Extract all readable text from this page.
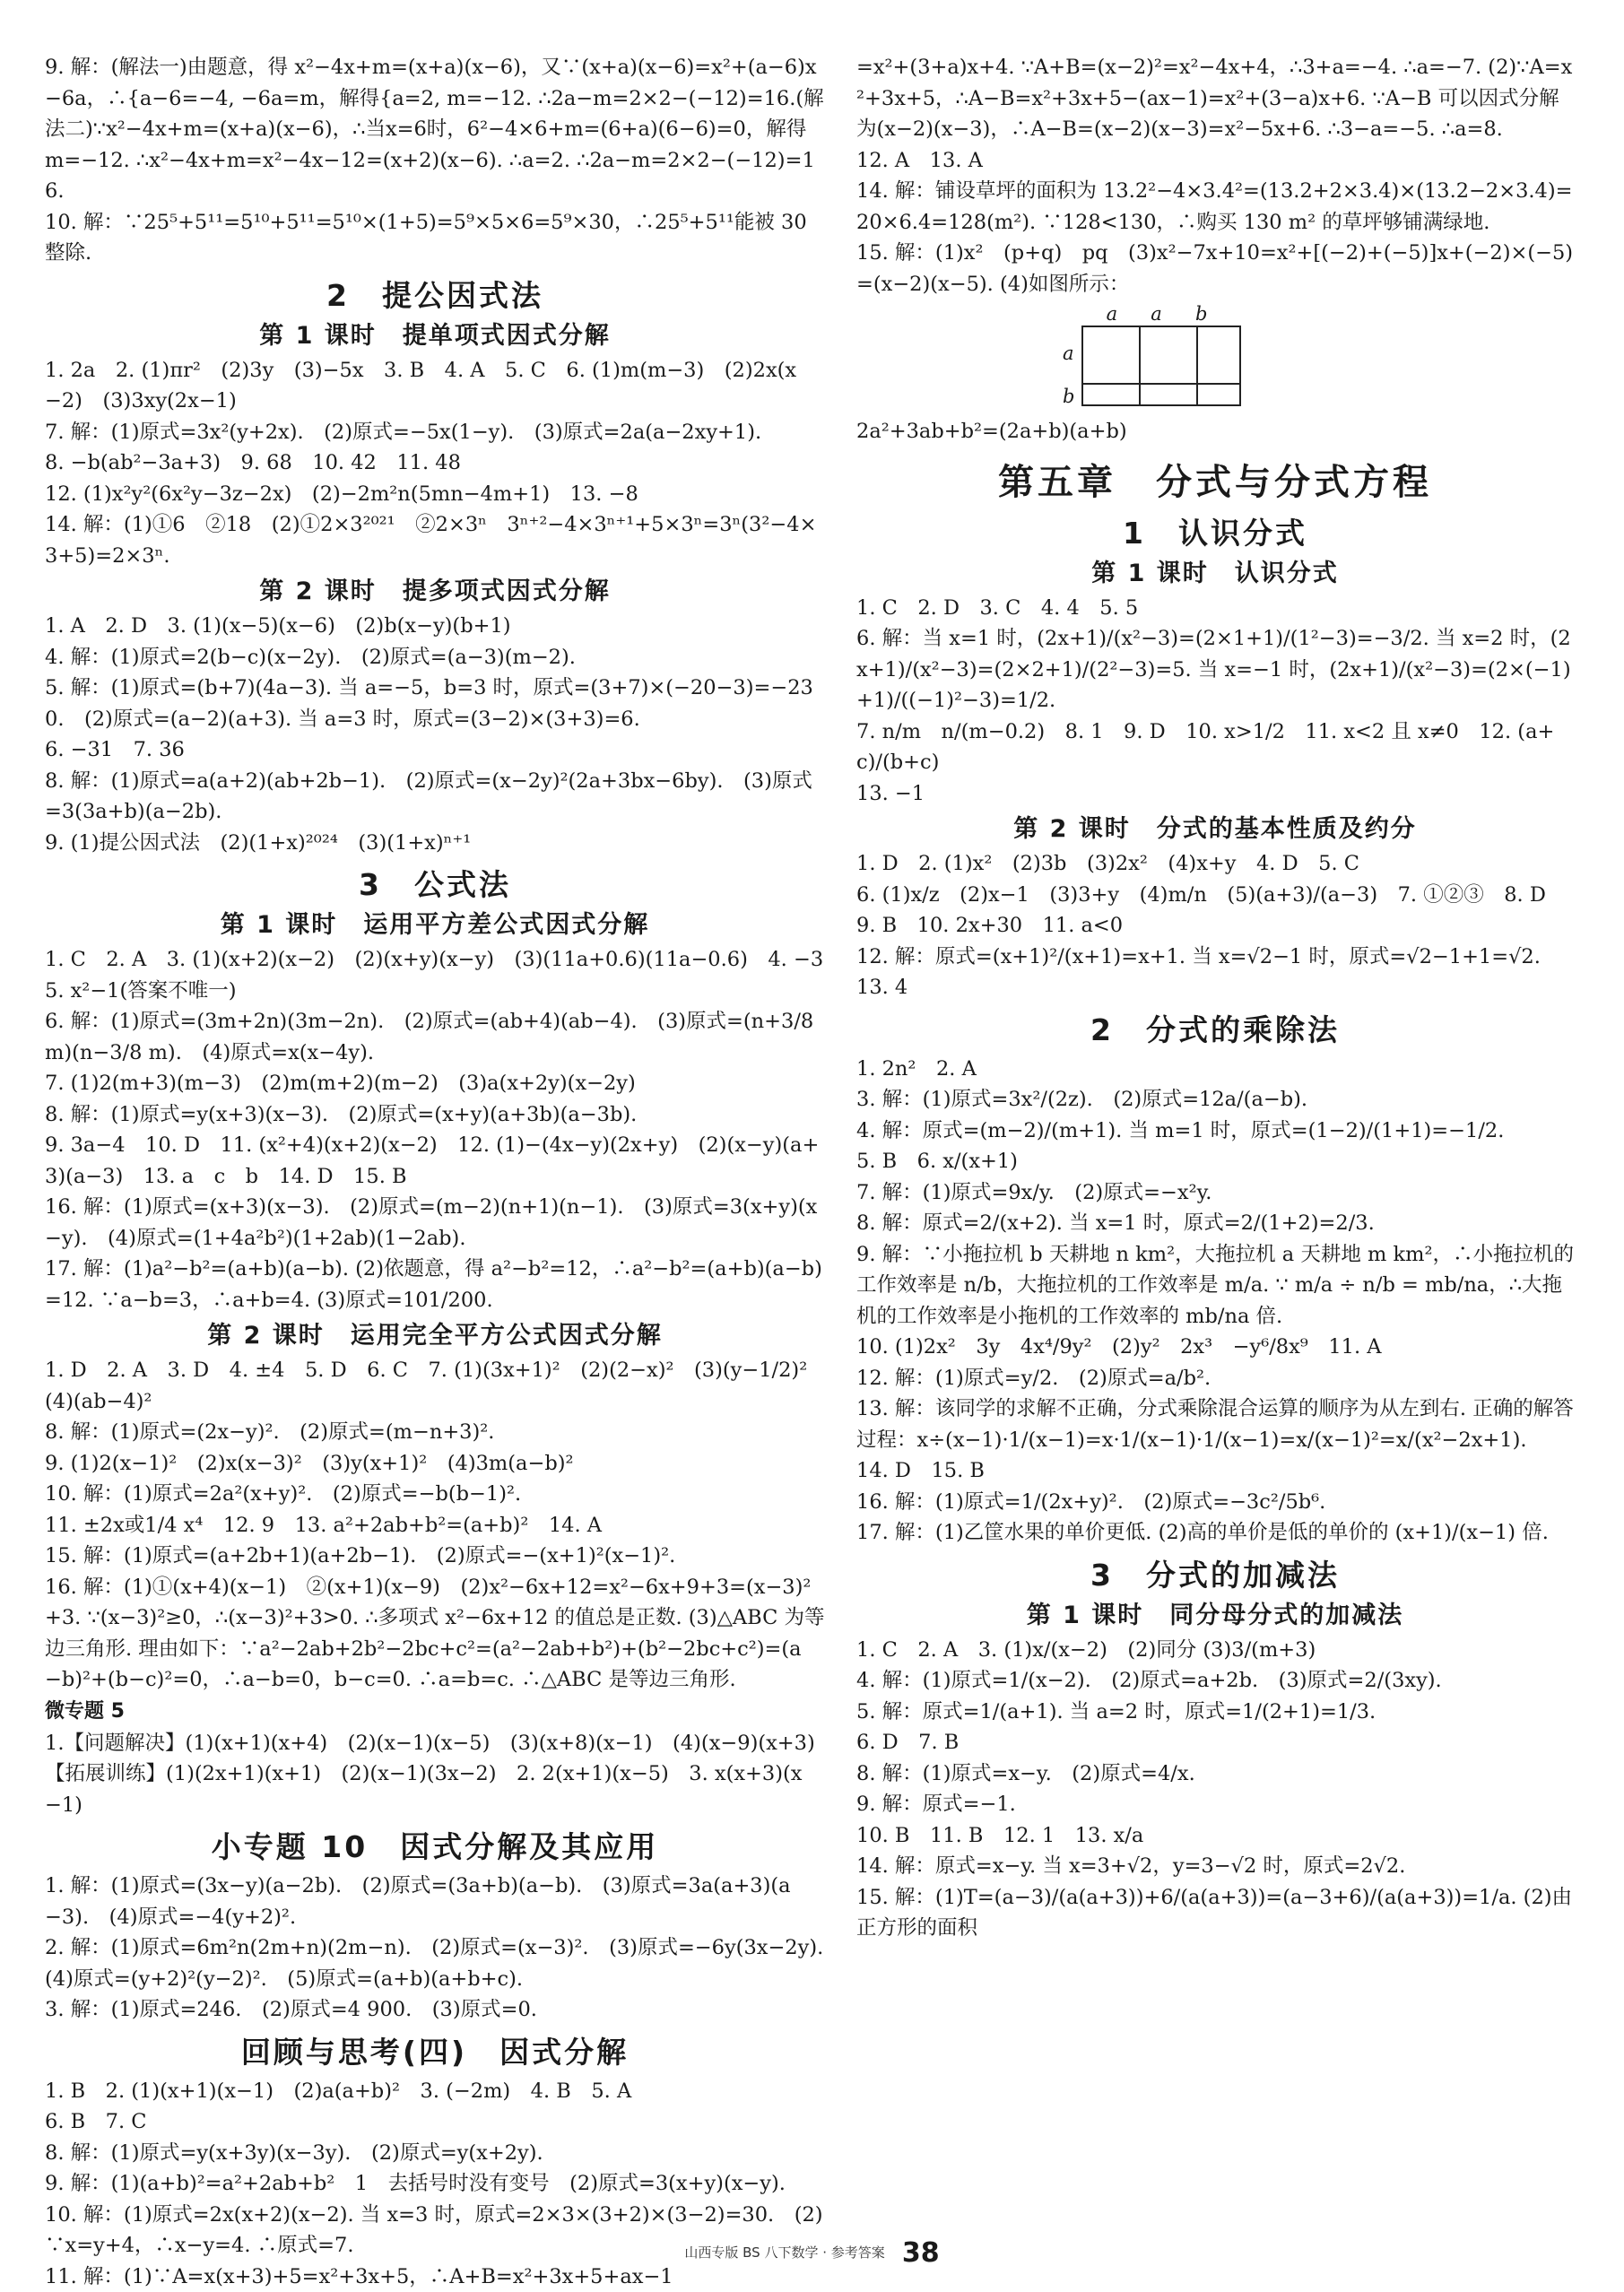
9. 解：(解法一)由题意，得 x²−4x+m=(x+a)(x−6)，又∵(x+a)(x−6)=x²+(a−6)x−6a，∴{a−6=−4, −6a=m，解得{a=2, m=−12. ∴2a−m=2×2−(−12)=16.(解法二)∵x²−4x+m=(x+a)(x−6)，∴当x=6时，6²−4×6+m=(6+a)(6−6)=0，解得 m=−12. ∴x²−4x+m=x²−4x−12=(x+2)(x−6). ∴a=2. ∴2a−m=2×2−(−12)=16.

10. 解：∵25⁵+5¹¹=5¹⁰+5¹¹=5¹⁰×(1+5)=5⁹×5×6=5⁹×30，∴25⁵+5¹¹能被 30 整除.

2　提公因式法
第 1 课时　提单项式因式分解

1. 2a　2. (1)πr²　(2)3y　(3)−5x　3. B　4. A　5. C　6. (1)m(m−3)　(2)2x(x−2)　(3)3xy(2x−1)

7. 解：(1)原式=3x²(y+2x).　(2)原式=−5x(1−y).　(3)原式=2a(a−2xy+1).

8. −b(ab²−3a+3)　9. 68　10. 42　11. 48

12. (1)x²y²(6x²y−3z−2x)　(2)−2m²n(5mn−4m+1)　13. −8

14. 解：(1)①6　②18　(2)①2×3²⁰²¹　②2×3ⁿ　3ⁿ⁺²−4×3ⁿ⁺¹+5×3ⁿ=3ⁿ(3²−4×3+5)=2×3ⁿ.

第 2 课时　提多项式因式分解

1. A　2. D　3. (1)(x−5)(x−6)　(2)b(x−y)(b+1)

4. 解：(1)原式=2(b−c)(x−2y).　(2)原式=(a−3)(m−2).

5. 解：(1)原式=(b+7)(4a−3). 当 a=−5，b=3 时，原式=(3+7)×(−20−3)=−230.　(2)原式=(a−2)(a+3). 当 a=3 时，原式=(3−2)×(3+3)=6.

6. −31　7. 36

8. 解：(1)原式=a(a+2)(ab+2b−1).　(2)原式=(x−2y)²(2a+3bx−6by).　(3)原式=3(3a+b)(a−2b).

9. (1)提公因式法　(2)(1+x)²⁰²⁴　(3)(1+x)ⁿ⁺¹

3　公式法
第 1 课时　运用平方差公式因式分解

1. C　2. A　3. (1)(x+2)(x−2)　(2)(x+y)(x−y)　(3)(11a+0.6)(11a−0.6)　4. −3　5. x²−1(答案不唯一)

6. 解：(1)原式=(3m+2n)(3m−2n).　(2)原式=(ab+4)(ab−4).　(3)原式=(n+3/8 m)(n−3/8 m).　(4)原式=x(x−4y).

7. (1)2(m+3)(m−3)　(2)m(m+2)(m−2)　(3)a(x+2y)(x−2y)

8. 解：(1)原式=y(x+3)(x−3).　(2)原式=(x+y)(a+3b)(a−3b).

9. 3a−4　10. D　11. (x²+4)(x+2)(x−2)　12. (1)−(4x−y)(2x+y)　(2)(x−y)(a+3)(a−3)　13. a　c　b　14. D　15. B

16. 解：(1)原式=(x+3)(x−3).　(2)原式=(m−2)(n+1)(n−1).　(3)原式=3(x+y)(x−y).　(4)原式=(1+4a²b²)(1+2ab)(1−2ab).

17. 解：(1)a²−b²=(a+b)(a−b). (2)依题意，得 a²−b²=12，∴a²−b²=(a+b)(a−b)=12. ∵a−b=3，∴a+b=4. (3)原式=101/200.

第 2 课时　运用完全平方公式因式分解

1. D　2. A　3. D　4. ±4　5. D　6. C　7. (1)(3x+1)²　(2)(2−x)²　(3)(y−1/2)²　(4)(ab−4)²

8. 解：(1)原式=(2x−y)².　(2)原式=(m−n+3)².

9. (1)2(x−1)²　(2)x(x−3)²　(3)y(x+1)²　(4)3m(a−b)²

10. 解：(1)原式=2a²(x+y)².　(2)原式=−b(b−1)².

11. ±2x或1/4 x⁴　12. 9　13. a²+2ab+b²=(a+b)²　14. A

15. 解：(1)原式=(a+2b+1)(a+2b−1).　(2)原式=−(x+1)²(x−1)².

16. 解：(1)①(x+4)(x−1)　②(x+1)(x−9)　(2)x²−6x+12=x²−6x+9+3=(x−3)²+3. ∵(x−3)²≥0，∴(x−3)²+3>0. ∴多项式 x²−6x+12 的值总是正数. (3)△ABC 为等边三角形. 理由如下：∵a²−2ab+2b²−2bc+c²=(a²−2ab+b²)+(b²−2bc+c²)=(a−b)²+(b−c)²=0，∴a−b=0，b−c=0. ∴a=b=c. ∴△ABC 是等边三角形.

微专题 5

1.【问题解决】(1)(x+1)(x+4)　(2)(x−1)(x−5)　(3)(x+8)(x−1)　(4)(x−9)(x+3)　【拓展训练】(1)(2x+1)(x+1)　(2)(x−1)(3x−2)　2. 2(x+1)(x−5)　3. x(x+3)(x−1)

小专题 10　因式分解及其应用

1. 解：(1)原式=(3x−y)(a−2b).　(2)原式=(3a+b)(a−b).　(3)原式=3a(a+3)(a−3).　(4)原式=−4(y+2)².

2. 解：(1)原式=6m²n(2m+n)(2m−n).　(2)原式=(x−3)².　(3)原式=−6y(3x−2y).　(4)原式=(y+2)²(y−2)².　(5)原式=(a+b)(a+b+c).

3. 解：(1)原式=246.　(2)原式=4 900.　(3)原式=0.

回顾与思考(四)　因式分解

1. B　2. (1)(x+1)(x−1)　(2)a(a+b)²　3. (−2m)　4. B　5. A

6. B　7. C

8. 解：(1)原式=y(x+3y)(x−3y).　(2)原式=y(x+2y).

9. 解：(1)(a+b)²=a²+2ab+b²　1　去括号时没有变号　(2)原式=3(x+y)(x−y).

10. 解：(1)原式=2x(x+2)(x−2). 当 x=3 时，原式=2×3×(3+2)×(3−2)=30.　(2)∵x=y+4，∴x−y=4. ∴原式=7.

11. 解：(1)∵A=x(x+3)+5=x²+3x+5，∴A+B=x²+3x+5+ax−1

=x²+(3+a)x+4. ∵A+B=(x−2)²=x²−4x+4，∴3+a=−4. ∴a=−7. (2)∵A=x²+3x+5，∴A−B=x²+3x+5−(ax−1)=x²+(3−a)x+6. ∵A−B 可以因式分解为(x−2)(x−3)，∴A−B=(x−2)(x−3)=x²−5x+6. ∴3−a=−5. ∴a=8.

12. A　13. A

14. 解：铺设草坪的面积为 13.2²−4×3.4²=(13.2+2×3.4)×(13.2−2×3.4)=20×6.4=128(m²). ∵128<130，∴购买 130 m² 的草坪够铺满绿地.

15. 解：(1)x²　(p+q)　pq　(3)x²−7x+10=x²+[(−2)+(−5)]x+(−2)×(−5)=(x−2)(x−5). (4)如图所示：

a a b
a
b

2a²+3ab+b²=(2a+b)(a+b)

第五章　分式与分式方程
1　认识分式
第 1 课时　认识分式

1. C　2. D　3. C　4. 4　5. 5

6. 解：当 x=1 时，(2x+1)/(x²−3)=(2×1+1)/(1²−3)=−3/2. 当 x=2 时，(2x+1)/(x²−3)=(2×2+1)/(2²−3)=5. 当 x=−1 时，(2x+1)/(x²−3)=(2×(−1)+1)/((−1)²−3)=1/2.

7. n/m　n/(m−0.2)　8. 1　9. D　10. x>1/2　11. x<2 且 x≠0　12. (a+c)/(b+c)

13. −1

第 2 课时　分式的基本性质及约分

1. D　2. (1)x²　(2)3b　(3)2x²　(4)x+y　4. D　5. C

6. (1)x/z　(2)x−1　(3)3+y　(4)m/n　(5)(a+3)/(a−3)　7. ①②③　8. D

9. B　10. 2x+30　11. a<0

12. 解：原式=(x+1)²/(x+1)=x+1. 当 x=√2−1 时，原式=√2−1+1=√2.

13. 4

2　分式的乘除法

1. 2n²　2. A

3. 解：(1)原式=3x²/(2z).　(2)原式=12a/(a−b).

4. 解：原式=(m−2)/(m+1). 当 m=1 时，原式=(1−2)/(1+1)=−1/2.

5. B　6. x/(x+1)

7. 解：(1)原式=9x/y.　(2)原式=−x²y.

8. 解：原式=2/(x+2). 当 x=1 时，原式=2/(1+2)=2/3.

9. 解：∵小拖拉机 b 天耕地 n km²，大拖拉机 a 天耕地 m km²，∴小拖拉机的工作效率是 n/b，大拖拉机的工作效率是 m/a. ∵ m/a ÷ n/b = mb/na，∴大拖机的工作效率是小拖机的工作效率的 mb/na 倍.

10. (1)2x²　3y　4x⁴/9y²　(2)y²　2x³　−y⁶/8x⁹　11. A

12. 解：(1)原式=y/2.　(2)原式=a/b².

13. 解：该同学的求解不正确，分式乘除混合运算的顺序为从左到右. 正确的解答过程：x÷(x−1)·1/(x−1)=x·1/(x−1)·1/(x−1)=x/(x−1)²=x/(x²−2x+1).

14. D　15. B

16. 解：(1)原式=1/(2x+y)².　(2)原式=−3c²/5b⁶.

17. 解：(1)乙筐水果的单价更低. (2)高的单价是低的单价的 (x+1)/(x−1) 倍.

3　分式的加减法
第 1 课时　同分母分式的加减法

1. C　2. A　3. (1)x/(x−2)　(2)同分 (3)3/(m+3)

4. 解：(1)原式=1/(x−2).　(2)原式=a+2b.　(3)原式=2/(3xy).

5. 解：原式=1/(a+1). 当 a=2 时，原式=1/(2+1)=1/3.

6. D　7. B

8. 解：(1)原式=x−y.　(2)原式=4/x.

9. 解：原式=−1.

10. B　11. B　12. 1　13. x/a

14. 解：原式=x−y. 当 x=3+√2，y=3−√2 时，原式=2√2.

15. 解：(1)T=(a−3)/(a(a+3))+6/(a(a+3))=(a−3+6)/(a(a+3))=1/a. (2)由正方形的面积

山西专版 BS 八下数学 · 参考答案 38
